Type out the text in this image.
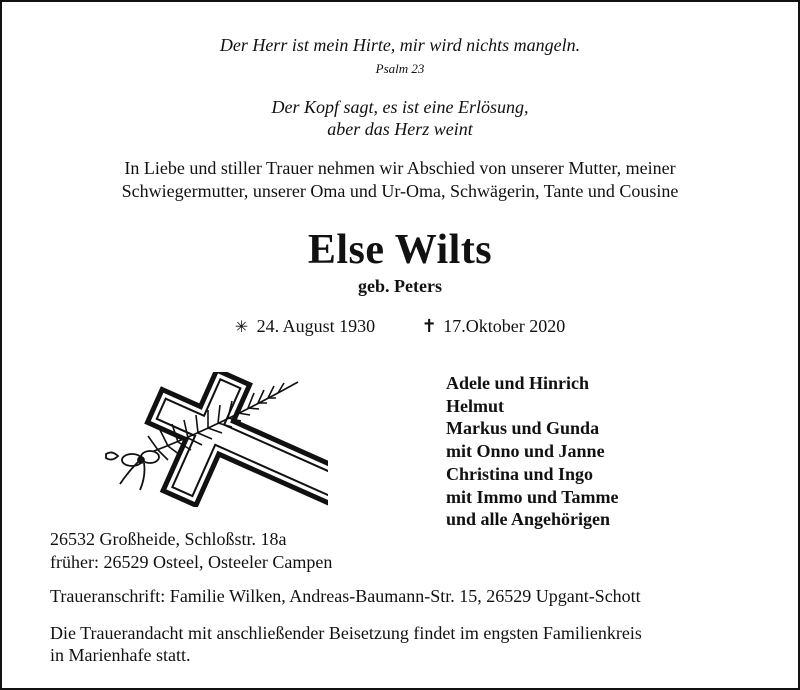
Der Herr ist mein Hirte, mir wird nichts mangeln.
Psalm 23
Der Kopf sagt, es ist eine Erlösung,
aber das Herz weint
In Liebe und stiller Trauer nehmen wir Abschied von unserer Mutter, meiner
Schwiegermutter, unserer Oma und Ur-Oma, Schwägerin, Tante und Cousine
Else Wilts
geb. Peters
✳ 24. August 1930	✝ 17.Oktober 2020
Adele und Hinrich
Helmut
Markus und Gunda
mit Onno und Janne
Christina und Ingo
mit Immo und Tamme
und alle Angehörigen
26532 Großheide, Schloßstr. 18a
früher: 26529 Osteel, Osteeler Campen
Traueranschrift: Familie Wilken, Andreas-Baumann-Str. 15, 26529 Upgant-Schott
Die Trauerandacht mit anschließender Beisetzung findet im engsten Familienkreis
in Marienhafe statt.
